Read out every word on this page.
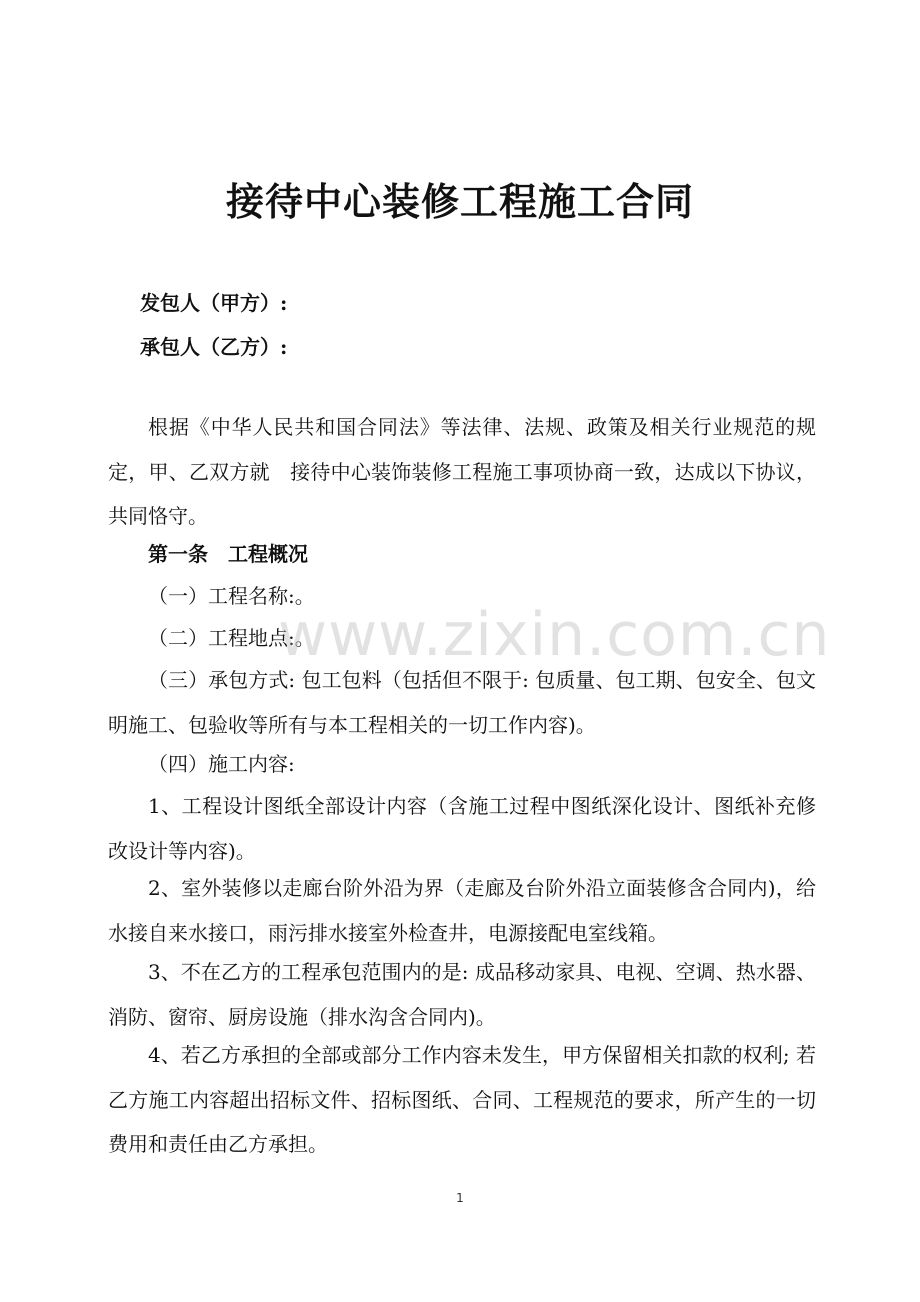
接待中心装修工程施工合同
发包人（甲方）:
承包人（乙方）:

根据《中华人民共和国合同法》等法律、法规、政策及相关行业规范的规定，甲、乙双方就　接待中心装饰装修工程施工事项协商一致，达成以下协议，共同恪守。

第一条　工程概况
（一）工程名称:。
（二）工程地点:。

（三）承包方式: 包工包料（包括但不限于: 包质量、包工期、包安全、包文明施工、包验收等所有与本工程相关的一切工作内容)。

（四）施工内容:

1、工程设计图纸全部设计内容（含施工过程中图纸深化设计、图纸补充修改设计等内容)。

2、室外装修以走廊台阶外沿为界（走廊及台阶外沿立面装修含合同内)，给水接自来水接口，雨污排水接室外检查井，电源接配电室线箱。

3、不在乙方的工程承包范围内的是: 成品移动家具、电视、空调、热水器、消防、窗帘、厨房设施（排水沟含合同内)。

4、若乙方承担的全部或部分工作内容未发生，甲方保留相关扣款的权利; 若乙方施工内容超出招标文件、招标图纸、合同、工程规范的要求，所产生的一切费用和责任由乙方承担。

www.zixin.com.cn
1
